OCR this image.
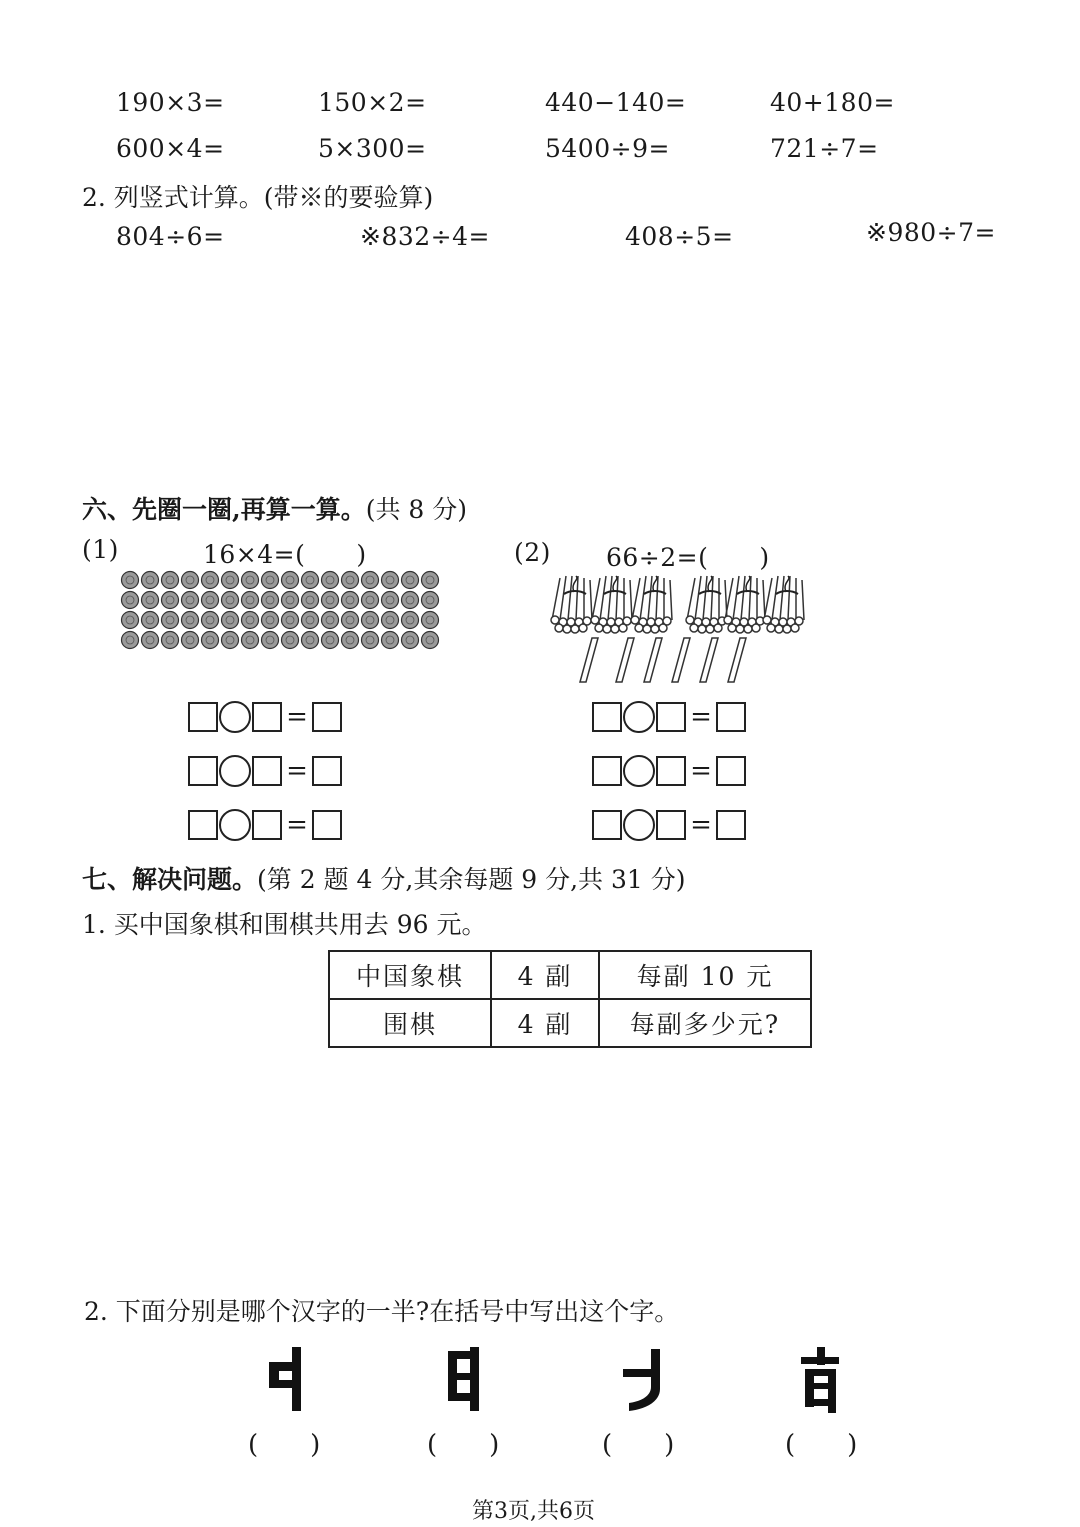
190×3=	150×2=	440−140=	40+180=
600×4=	5×300=	5400÷9=	721÷7=
2. 列竖式计算。(带※的要验算)
804÷6=	※832÷4=	408÷5=	※980÷7=
六、先圈一圈,再算一算。(共 8 分)
(1)	16×4=(　　)	(2) 66÷2=(　　)
=
=
=
=
=
=
七、解决问题。(第 2 题 4 分,其余每题 9 分,共 31 分)
1. 买中国象棋和围棋共用去 96 元。
中国象棋	4 副	每副 10 元
围棋	4 副	每副多少元?
2. 下面分别是哪个汉字的一半?在括号中写出这个字。
(　　)	(　　)	(　　)	(　　)
第3页,共6页
